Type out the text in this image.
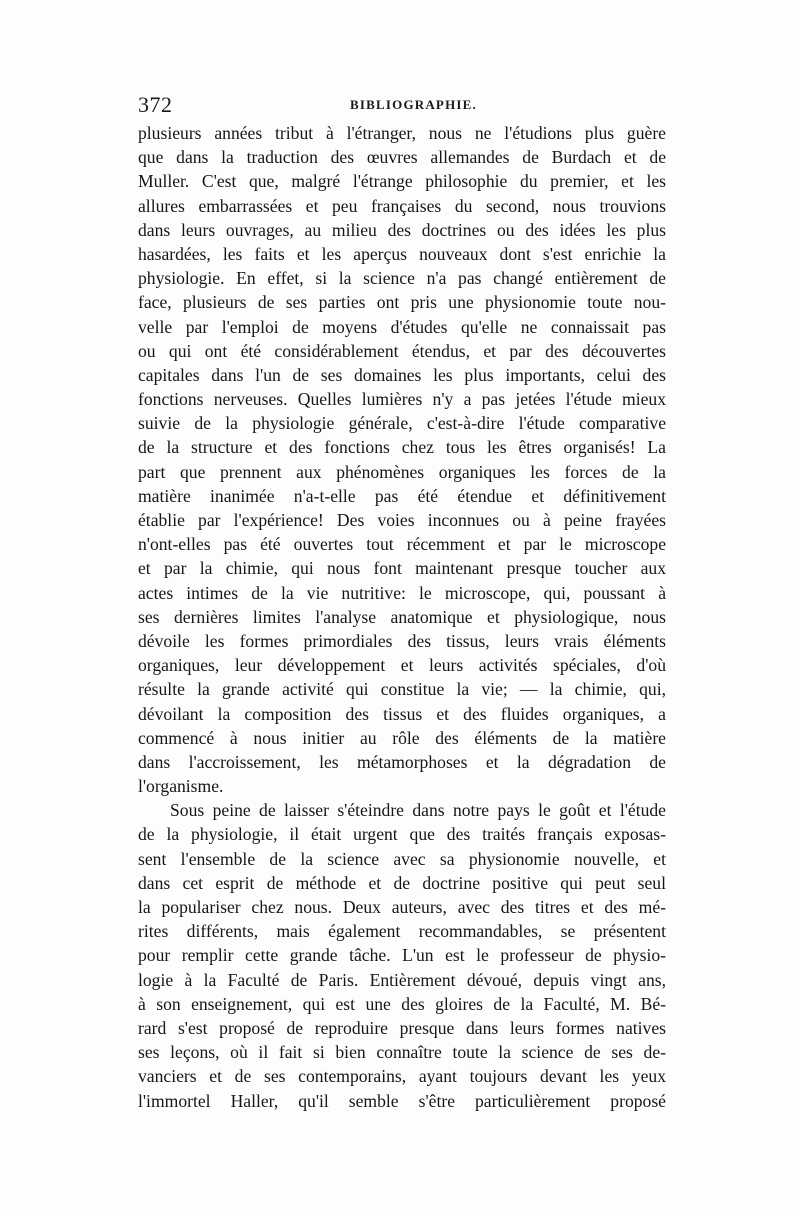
372	BIBLIOGRAPHIE.
plusieurs années tribut à l'étranger, nous ne l'étudions plus guère
que dans la traduction des œuvres allemandes de Burdach et de
Muller. C'est que, malgré l'étrange philosophie du premier, et les
allures embarrassées et peu françaises du second, nous trouvions
dans leurs ouvrages, au milieu des doctrines ou des idées les plus
hasardées, les faits et les aperçus nouveaux dont s'est enrichie la
physiologie. En effet, si la science n'a pas changé entièrement de
face, plusieurs de ses parties ont pris une physionomie toute nou-
velle par l'emploi de moyens d'études qu'elle ne connaissait pas
ou qui ont été considérablement étendus, et par des découvertes
capitales dans l'un de ses domaines les plus importants, celui des
fonctions nerveuses. Quelles lumières n'y a pas jetées l'étude mieux
suivie de la physiologie générale, c'est-à-dire l'étude comparative
de la structure et des fonctions chez tous les êtres organisés! La
part que prennent aux phénomènes organiques les forces de la
matière inanimée n'a-t-elle pas été étendue et définitivement
établie par l'expérience! Des voies inconnues ou à peine frayées
n'ont-elles pas été ouvertes tout récemment et par le microscope
et par la chimie, qui nous font maintenant presque toucher aux
actes intimes de la vie nutritive: le microscope, qui, poussant à
ses dernières limites l'analyse anatomique et physiologique, nous
dévoile les formes primordiales des tissus, leurs vrais éléments
organiques, leur développement et leurs activités spéciales, d'où
résulte la grande activité qui constitue la vie; — la chimie, qui,
dévoilant la composition des tissus et des fluides organiques, a
commencé à nous initier au rôle des éléments de la matière
dans l'accroissement, les métamorphoses et la dégradation de
l'organisme.
Sous peine de laisser s'éteindre dans notre pays le goût et l'étude
de la physiologie, il était urgent que des traités français exposas-
sent l'ensemble de la science avec sa physionomie nouvelle, et
dans cet esprit de méthode et de doctrine positive qui peut seul
la populariser chez nous. Deux auteurs, avec des titres et des mé-
rites différents, mais également recommandables, se présentent
pour remplir cette grande tâche. L'un est le professeur de physio-
logie à la Faculté de Paris. Entièrement dévoué, depuis vingt ans,
à son enseignement, qui est une des gloires de la Faculté, M. Bé-
rard s'est proposé de reproduire presque dans leurs formes natives
ses leçons, où il fait si bien connaître toute la science de ses de-
vanciers et de ses contemporains, ayant toujours devant les yeux
l'immortel Haller, qu'il semble s'être particulièrement proposé
